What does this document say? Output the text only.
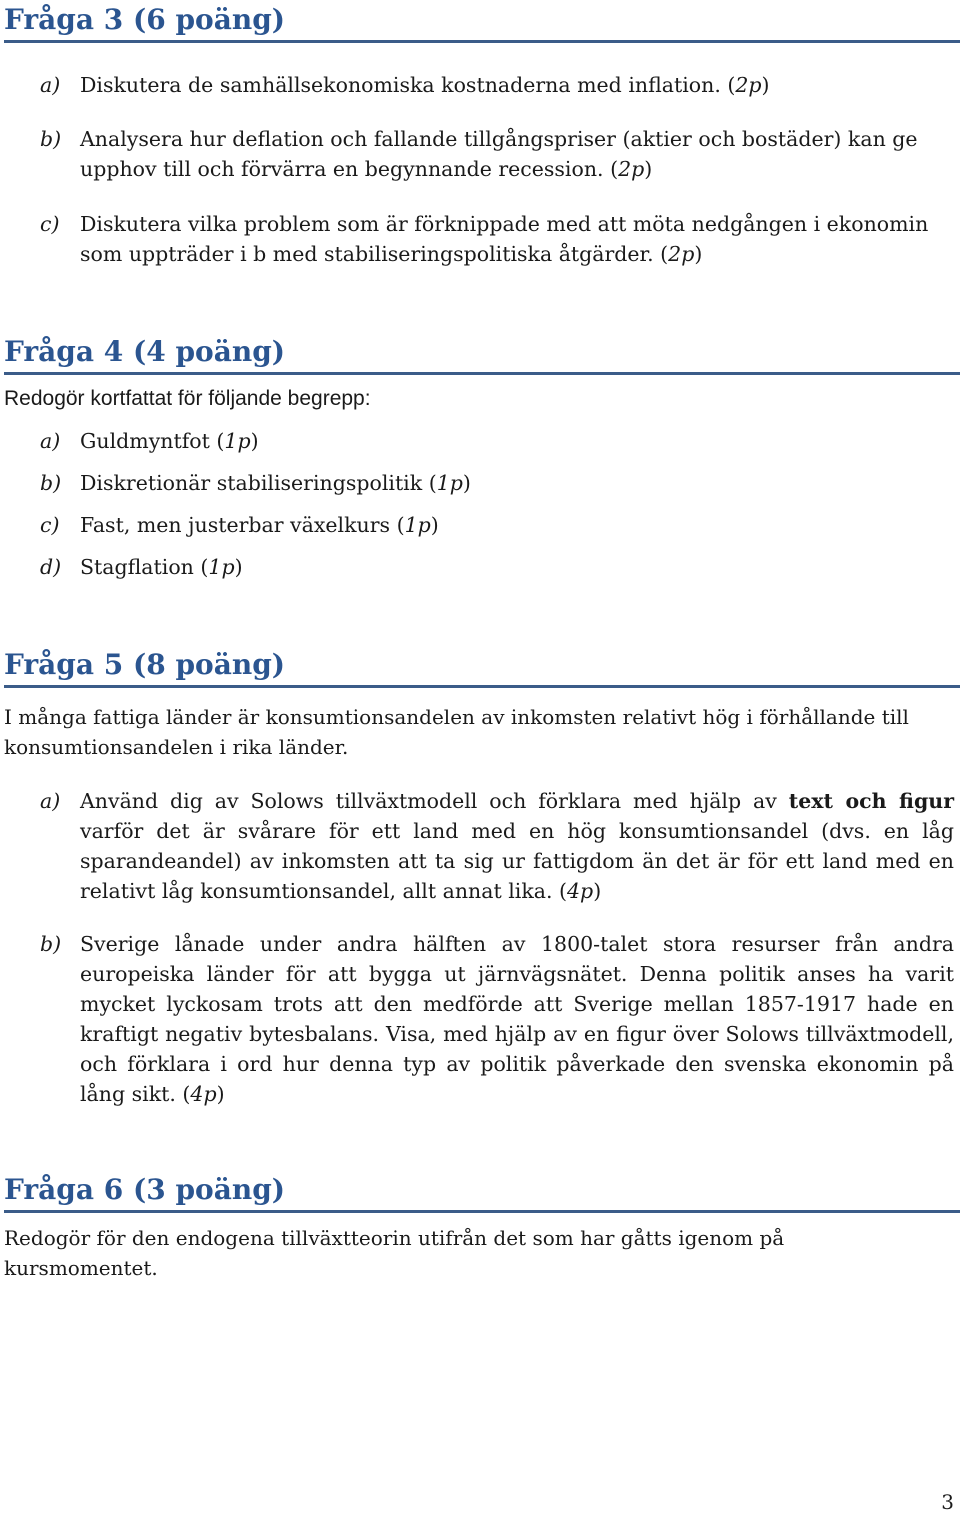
Fråga 3 (6 poäng)
a) Diskutera de samhällsekonomiska kostnaderna med inflation. (2p)
b) Analysera hur deflation och fallande tillgångspriser (aktier och bostäder) kan ge upphov till och förvärra en begynnande recession. (2p)
c) Diskutera vilka problem som är förknippade med att möta nedgången i ekonomin som uppträder i b med stabiliseringspolitiska åtgärder. (2p)
Fråga 4 (4 poäng)

Redogör kortfattat för följande begrepp:

a) Guldmyntfot (1p)
b) Diskretionär stabiliseringspolitik (1p)
c) Fast, men justerbar växelkurs (1p)
d) Stagflation (1p)
Fråga 5 (8 poäng)

I många fattiga länder är konsumtionsandelen av inkomsten relativt hög i förhållande till konsumtionsandelen i rika länder.

a) Använd dig av Solows tillväxtmodell och förklara med hjälp av text och figur varför det är svårare för ett land med en hög konsumtionsandel (dvs. en låg sparandeandel) av inkomsten att ta sig ur fattigdom än det är för ett land med en relativt låg konsumtionsandel, allt annat lika. (4p)
b) Sverige lånade under andra hälften av 1800-talet stora resurser från andra europeiska länder för att bygga ut järnvägsnätet. Denna politik anses ha varit mycket lyckosam trots att den medförde att Sverige mellan 1857-1917 hade en kraftigt negativ bytesbalans. Visa, med hjälp av en figur över Solows tillväxtmodell, och förklara i ord hur denna typ av politik påverkade den svenska ekonomin på lång sikt. (4p)
Fråga 6 (3 poäng)

Redogör för den endogena tillväxtteorin utifrån det som har gåtts igenom på kursmomentet.

3
